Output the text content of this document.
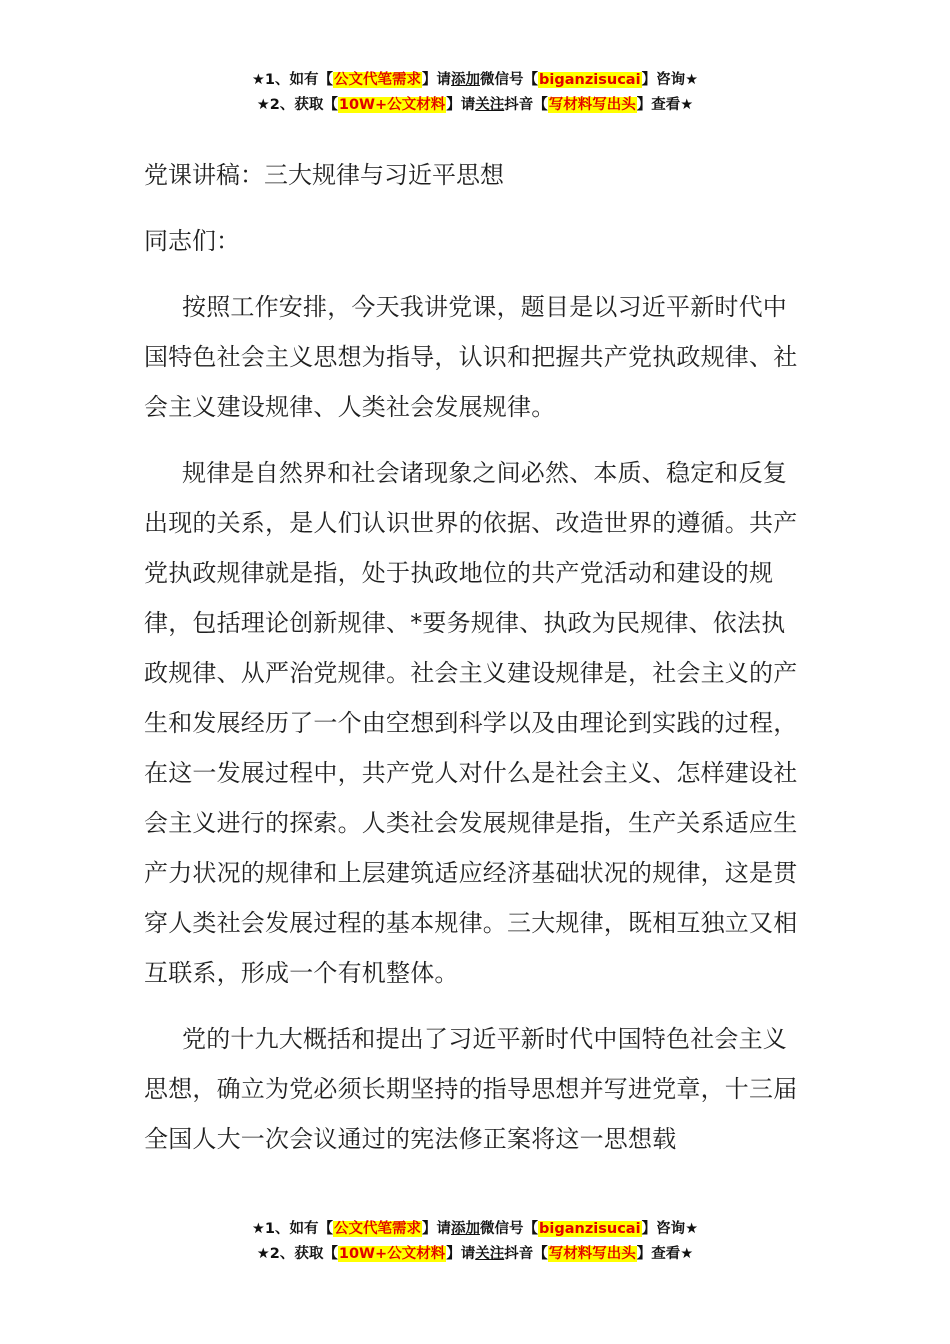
★1、如有【公文代笔需求】请添加微信号【biganzisucai】咨询★
★2、获取【10W+公文材料】请关注抖音【写材料写出头】查看★
党课讲稿：三大规律与习近平思想
同志们：
按照工作安排，今天我讲党课，题目是以习近平新时代中国特色社会主义思想为指导，认识和把握共产党执政规律、社会主义建设规律、人类社会发展规律。
规律是自然界和社会诸现象之间必然、本质、稳定和反复出现的关系，是人们认识世界的依据、改造世界的遵循。共产党执政规律就是指，处于执政地位的共产党活动和建设的规律，包括理论创新规律、*要务规律、执政为民规律、依法执政规律、从严治党规律。社会主义建设规律是，社会主义的产生和发展经历了一个由空想到科学以及由理论到实践的过程，在这一发展过程中，共产党人对什么是社会主义、怎样建设社会主义进行的探索。人类社会发展规律是指，生产关系适应生产力状况的规律和上层建筑适应经济基础状况的规律，这是贯穿人类社会发展过程的基本规律。三大规律，既相互独立又相互联系，形成一个有机整体。
党的十九大概括和提出了习近平新时代中国特色社会主义思想，确立为党必须长期坚持的指导思想并写进党章，十三届全国人大一次会议通过的宪法修正案将这一思想载
★1、如有【公文代笔需求】请添加微信号【biganzisucai】咨询★
★2、获取【10W+公文材料】请关注抖音【写材料写出头】查看★
